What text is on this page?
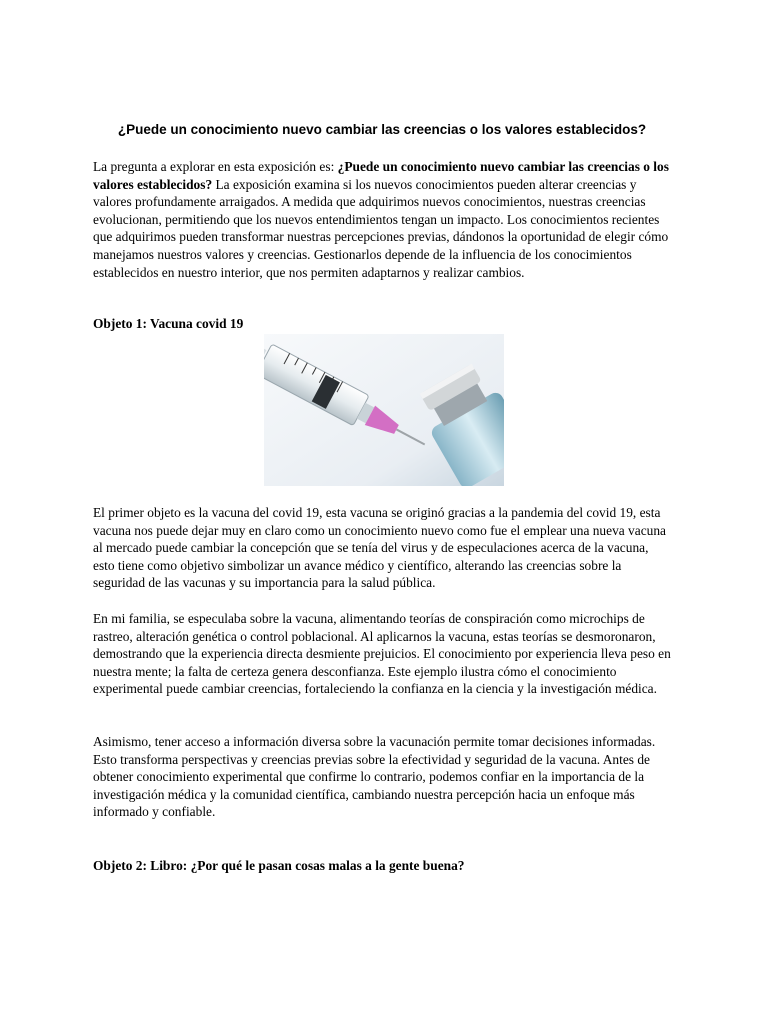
¿Puede un conocimiento nuevo cambiar las creencias o los valores establecidos?

La pregunta a explorar en esta exposición es: ¿Puede un conocimiento nuevo cambiar las creencias o los valores establecidos? La exposición examina si los nuevos conocimientos pueden alterar creencias y valores profundamente arraigados. A medida que adquirimos nuevos conocimientos, nuestras creencias evolucionan, permitiendo que los nuevos entendimientos tengan un impacto. Los conocimientos recientes que adquirimos pueden transformar nuestras percepciones previas, dándonos la oportunidad de elegir cómo manejamos nuestros valores y creencias. Gestionarlos depende de la influencia de los conocimientos establecidos en nuestro interior, que nos permiten adaptarnos y realizar cambios.

Objeto 1: Vacuna covid 19

El primer objeto es la vacuna del covid 19, esta vacuna se originó gracias a la pandemia del covid 19, esta vacuna nos puede dejar muy en claro como un conocimiento nuevo como fue el emplear una nueva vacuna al mercado puede cambiar la concepción que se tenía del virus y de especulaciones acerca de la vacuna, esto tiene como objetivo simbolizar un avance médico y científico, alterando las creencias sobre la seguridad de las vacunas y su importancia para la salud pública.

En mi familia, se especulaba sobre la vacuna, alimentando teorías de conspiración como microchips de rastreo, alteración genética o control poblacional. Al aplicarnos la vacuna, estas teorías se desmoronaron, demostrando que la experiencia directa desmiente prejuicios. El conocimiento por experiencia lleva peso en nuestra mente; la falta de certeza genera desconfianza. Este ejemplo ilustra cómo el conocimiento experimental puede cambiar creencias, fortaleciendo la confianza en la ciencia y la investigación médica.

Asimismo, tener acceso a información diversa sobre la vacunación permite tomar decisiones informadas. Esto transforma perspectivas y creencias previas sobre la efectividad y seguridad de la vacuna. Antes de obtener conocimiento experimental que confirme lo contrario, podemos confiar en la importancia de la investigación médica y la comunidad científica, cambiando nuestra percepción hacia un enfoque más informado y confiable.

Objeto 2: Libro: ¿Por qué le pasan cosas malas a la gente buena?
